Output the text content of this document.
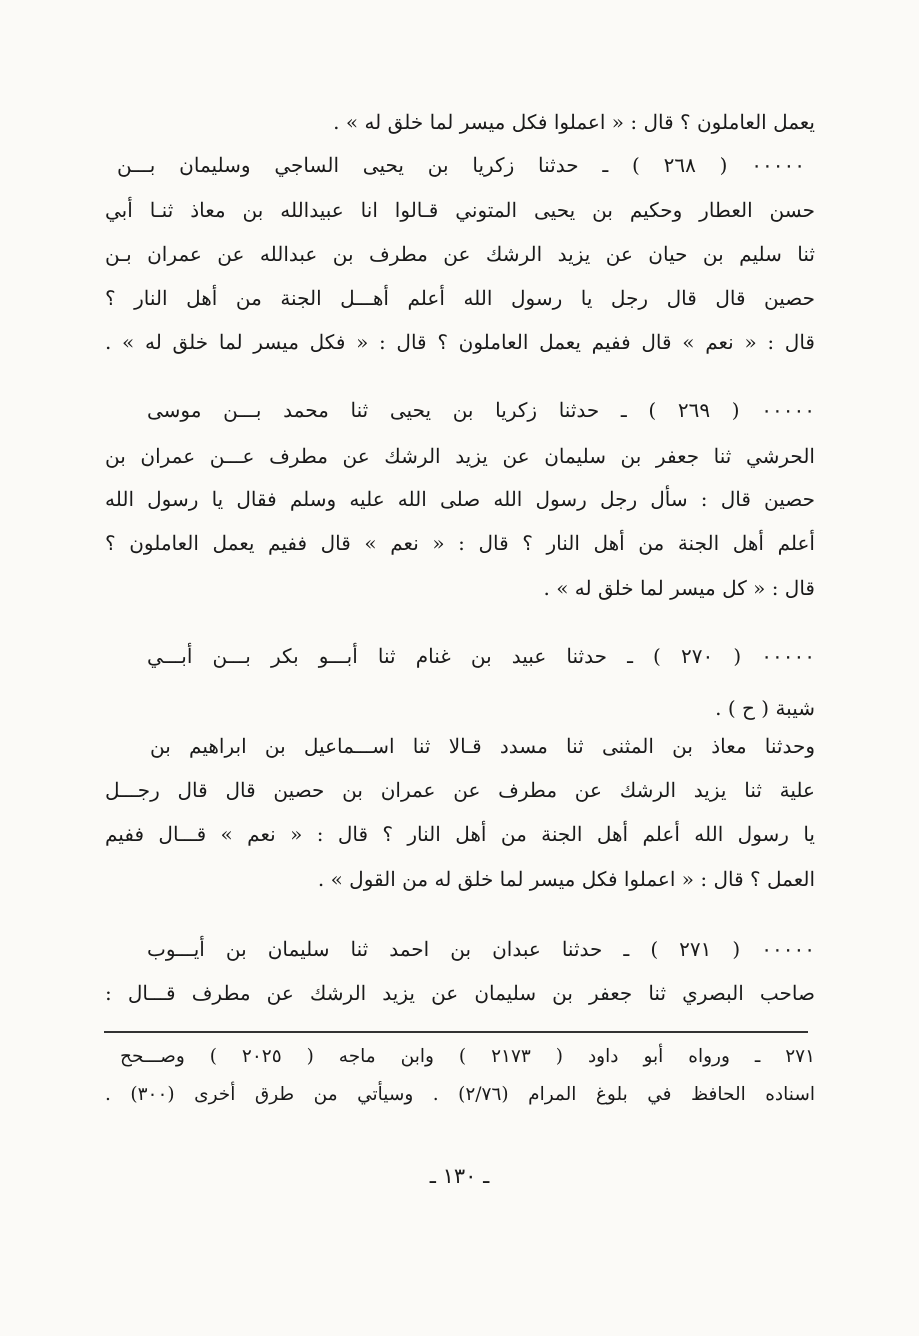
يعمل العاملون ؟ قال : « اعملوا فكل ميسر لما خلق له » .
٠٠٠٠٠ ( ٢٦٨ ) ـ حدثنا زكريا بن يحيى الساجي وسليمان بـــن
حسن العطار وحكيم بن يحيى المتوني قـالوا انا عبيدالله بن معاذ ثنـا أبي
ثنا سليم بن حيان عن يزيد الرشك عن مطرف بن عبدالله عن عمران بـن
حصين قال قال رجل يا رسول الله أعلم أهـــل الجنة من أهل النار ؟
قال : « نعم » قال ففيم يعمل العاملون ؟ قال : « فكل ميسر لما خلق له » .
٠٠٠٠٠ ( ٢٦٩ ) ـ حدثنا زكريا بن يحيى ثنا محمد بـــن موسى
الحرشي ثنا جعفر بن سليمان عن يزيد الرشك عن مطرف عـــن عمران بن
حصين قال : سأل رجل رسول الله صلى الله عليه وسلم فقال يا رسول الله
أعلم أهل الجنة من أهل النار ؟ قال : « نعم » قال ففيم يعمل العاملون ؟
قال : « كل ميسر لما خلق له » .
٠٠٠٠٠ ( ٢٧٠ ) ـ حدثنا عبيد بن غنام ثنا أبـــو بكر بـــن أبـــي
شيبة ( ح ) .
وحدثنا معاذ بن المثنى ثنا مسدد قـالا ثنا اســـماعيل بن ابراهيم بن
علية ثنا يزيد الرشك عن مطرف عن عمران بن حصين قال قال رجـــل
يا رسول الله أعلم أهل الجنة من أهل النار ؟ قال : « نعم » قـــال ففيم
العمل ؟ قال : « اعملوا فكل ميسر لما خلق له من القول » .
٠٠٠٠٠ ( ٢٧١ ) ـ حدثنا عبدان بن احمد ثنا سليمان بن أيـــوب
صاحب البصري ثنا جعفر بن سليمان عن يزيد الرشك عن مطرف قـــال :
٢٧١ ـ ورواه أبو داود ( ٢١٧٣ ) وابن ماجه ( ٢٠٢٥ ) وصـــحح
اسناده الحافظ في بلوغ المرام (٢/٧٦) . وسيأتي من طرق أخرى (٣٠٠) .
ـ ١٣٠ ـ
